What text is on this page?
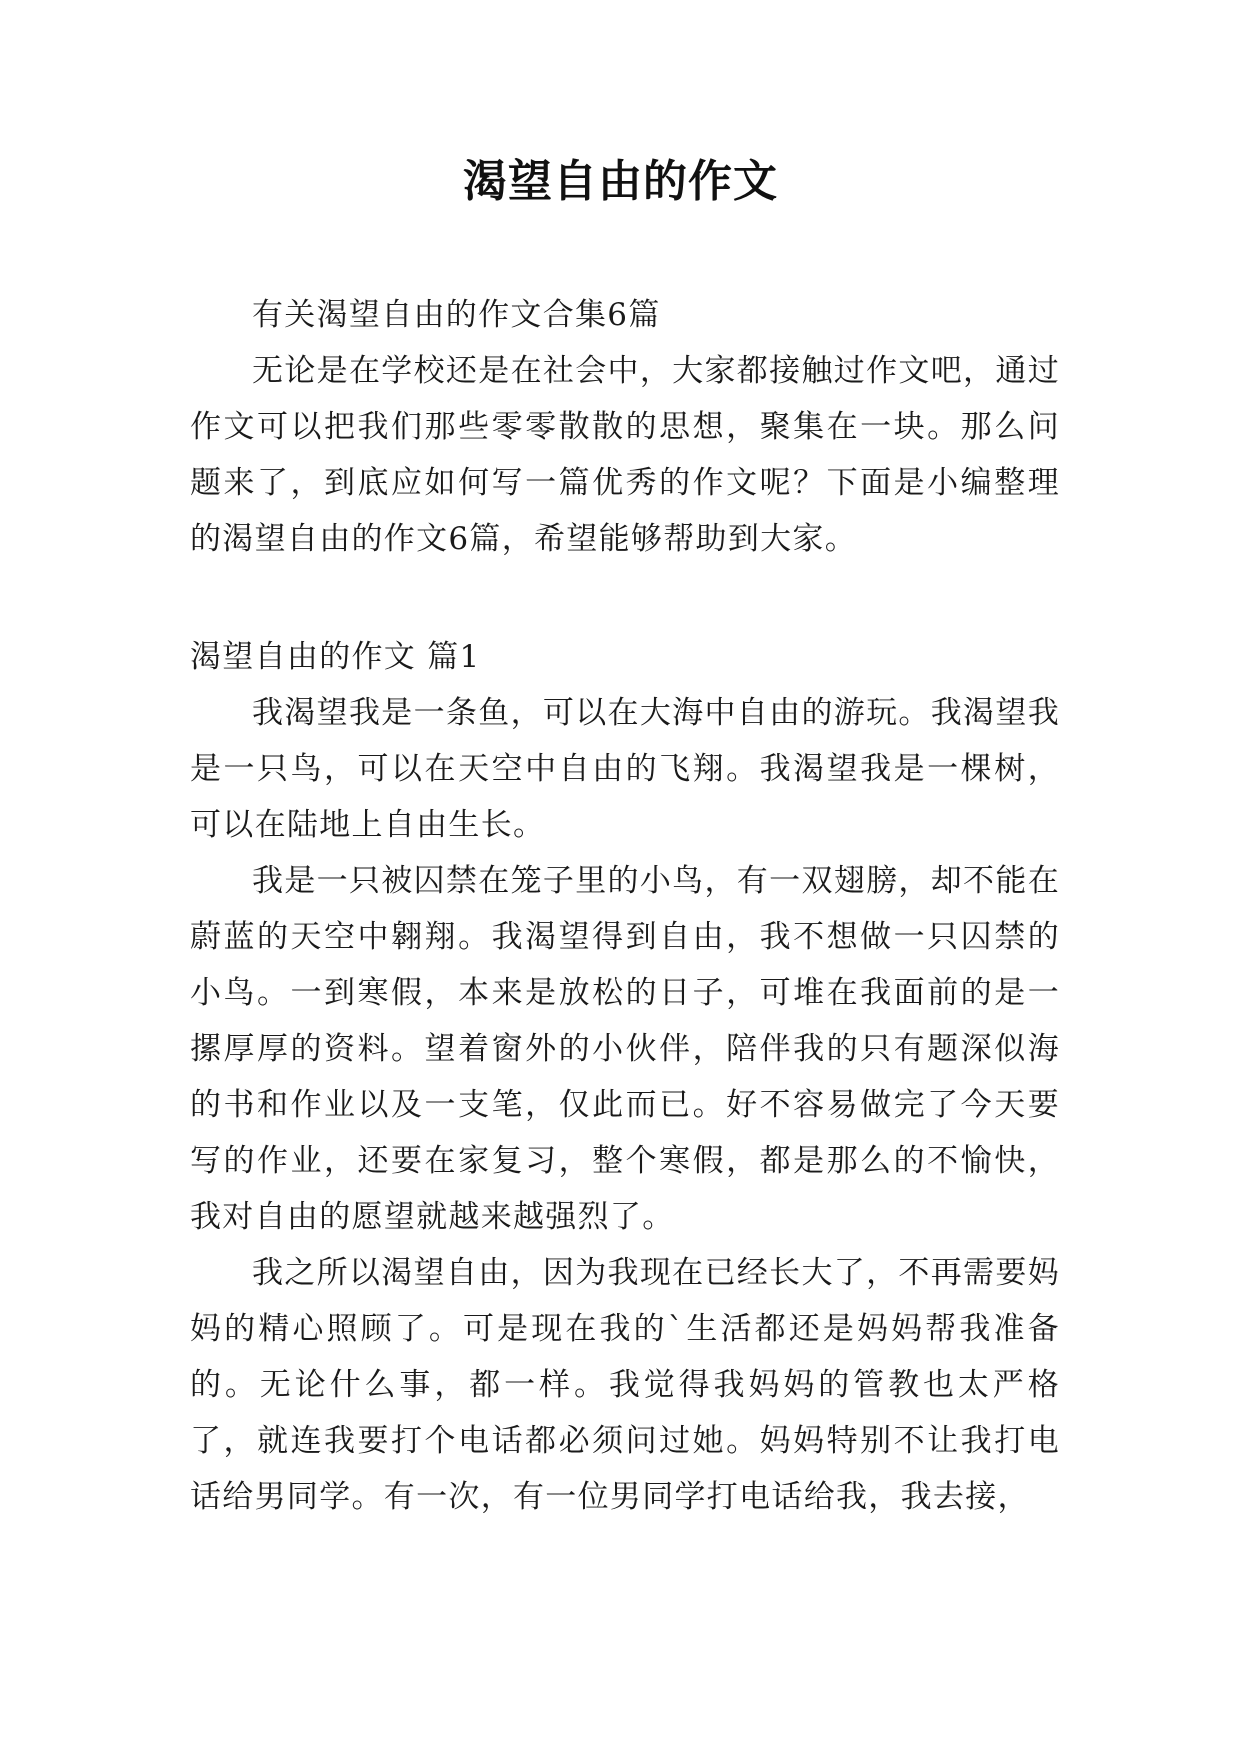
渴望自由的作文

有关渴望自由的作文合集6篇

无论是在学校还是在社会中，大家都接触过作文吧，通过作文可以把我们那些零零散散的思想，聚集在一块。那么问题来了，到底应如何写一篇优秀的作文呢？下面是小编整理的渴望自由的作文6篇，希望能够帮助到大家。

渴望自由的作文 篇1

我渴望我是一条鱼，可以在大海中自由的游玩。我渴望我是一只鸟，可以在天空中自由的飞翔。我渴望我是一棵树，可以在陆地上自由生长。

我是一只被囚禁在笼子里的小鸟，有一双翅膀，却不能在蔚蓝的天空中翱翔。我渴望得到自由，我不想做一只囚禁的小鸟。一到寒假，本来是放松的日子，可堆在我面前的是一摞厚厚的资料。望着窗外的小伙伴，陪伴我的只有题深似海的书和作业以及一支笔，仅此而已。好不容易做完了今天要写的作业，还要在家复习，整个寒假，都是那么的不愉快，我对自由的愿望就越来越强烈了。

我之所以渴望自由，因为我现在已经长大了，不再需要妈妈的精心照顾了。可是现在我的`生活都还是妈妈帮我准备的。无论什么事，都一样。我觉得我妈妈的管教也太严格了，就连我要打个电话都必须问过她。妈妈特别不让我打电话给男同学。有一次，有一位男同学打电话给我，我去接，
